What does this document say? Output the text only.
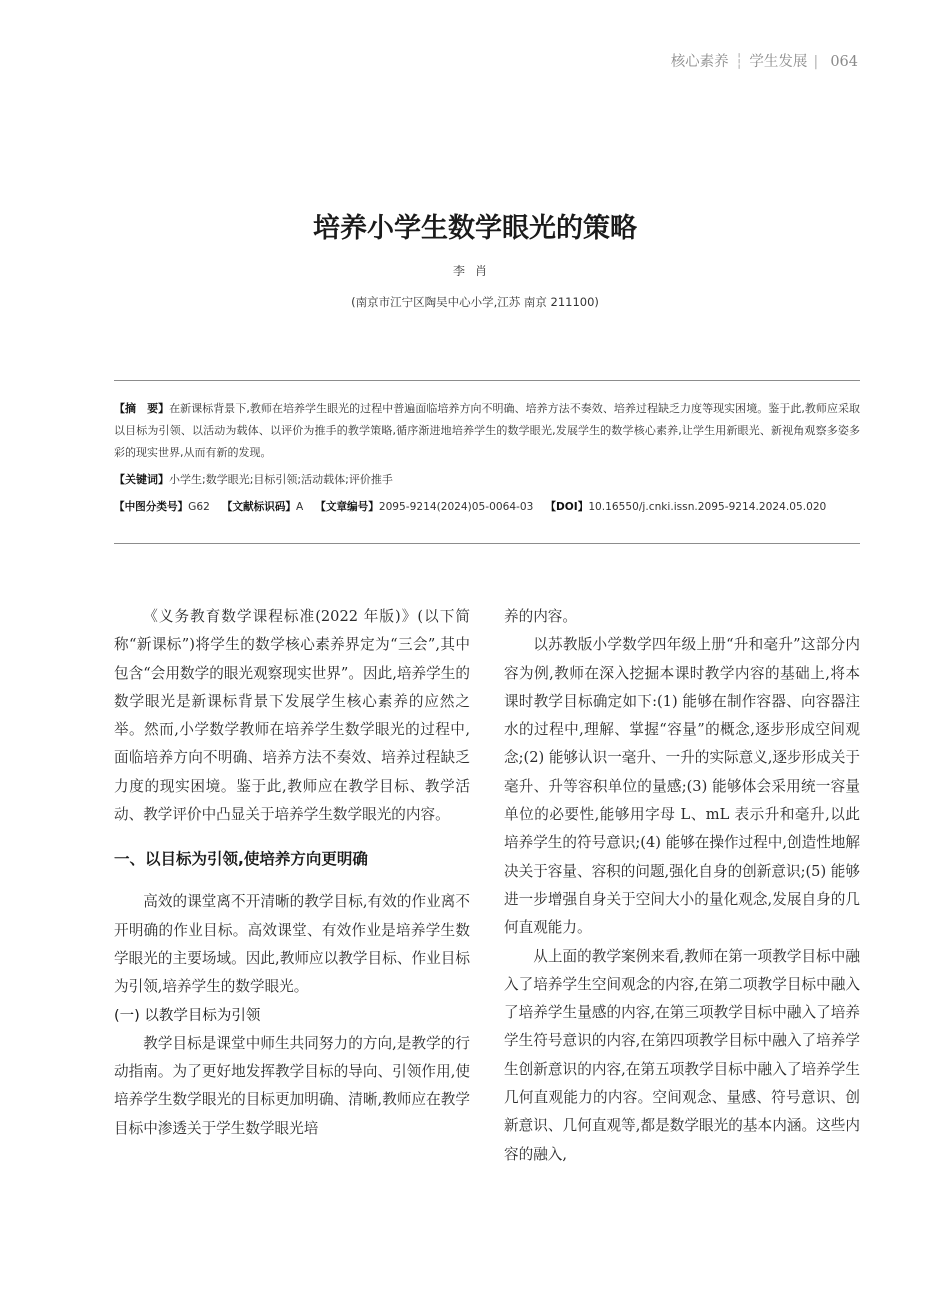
核心素养 ┆ 学生发展 | 064
培养小学生数学眼光的策略
李肖
(南京市江宁区陶吴中心小学,江苏 南京 211100)
【摘　要】在新课标背景下,教师在培养学生眼光的过程中普遍面临培养方向不明确、培养方法不奏效、培养过程缺乏力度等现实困境。鉴于此,教师应采取以目标为引领、以活动为载体、以评价为推手的教学策略,循序渐进地培养学生的数学眼光,发展学生的数学核心素养,让学生用新眼光、新视角观察多姿多彩的现实世界,从而有新的发现。
【关键词】小学生;数学眼光;目标引领;活动载体;评价推手
【中图分类号】G62 【文献标识码】A 【文章编号】2095-9214(2024)05-0064-03 【DOI】10.16550/j.cnki.issn.2095-9214.2024.05.020

《义务教育数学课程标准(2022 年版)》(以下简称“新课标”)将学生的数学核心素养界定为“三会”,其中包含“会用数学的眼光观察现实世界”。因此,培养学生的数学眼光是新课标背景下发展学生核心素养的应然之举。然而,小学数学教师在培养学生数学眼光的过程中,面临培养方向不明确、培养方法不奏效、培养过程缺乏力度的现实困境。鉴于此,教师应在教学目标、教学活动、教学评价中凸显关于培养学生数学眼光的内容。

一、以目标为引领,使培养方向更明确

高效的课堂离不开清晰的教学目标,有效的作业离不开明确的作业目标。高效课堂、有效作业是培养学生数学眼光的主要场域。因此,教师应以教学目标、作业目标为引领,培养学生的数学眼光。

(一) 以教学目标为引领

教学目标是课堂中师生共同努力的方向,是教学的行动指南。为了更好地发挥教学目标的导向、引领作用,使培养学生数学眼光的目标更加明确、清晰,教师应在教学目标中渗透关于学生数学眼光培

养的内容。

以苏教版小学数学四年级上册“升和毫升”这部分内容为例,教师在深入挖掘本课时教学内容的基础上,将本课时教学目标确定如下:(1) 能够在制作容器、向容器注水的过程中,理解、掌握“容量”的概念,逐步形成空间观念;(2) 能够认识一毫升、一升的实际意义,逐步形成关于毫升、升等容积单位的量感;(3) 能够体会采用统一容量单位的必要性,能够用字母 L、mL 表示升和毫升,以此培养学生的符号意识;(4) 能够在操作过程中,创造性地解决关于容量、容积的问题,强化自身的创新意识;(5) 能够进一步增强自身关于空间大小的量化观念,发展自身的几何直观能力。

从上面的教学案例来看,教师在第一项教学目标中融入了培养学生空间观念的内容,在第二项教学目标中融入了培养学生量感的内容,在第三项教学目标中融入了培养学生符号意识的内容,在第四项教学目标中融入了培养学生创新意识的内容,在第五项教学目标中融入了培养学生几何直观能力的内容。空间观念、量感、符号意识、创新意识、几何直观等,都是数学眼光的基本内涵。这些内容的融入,
